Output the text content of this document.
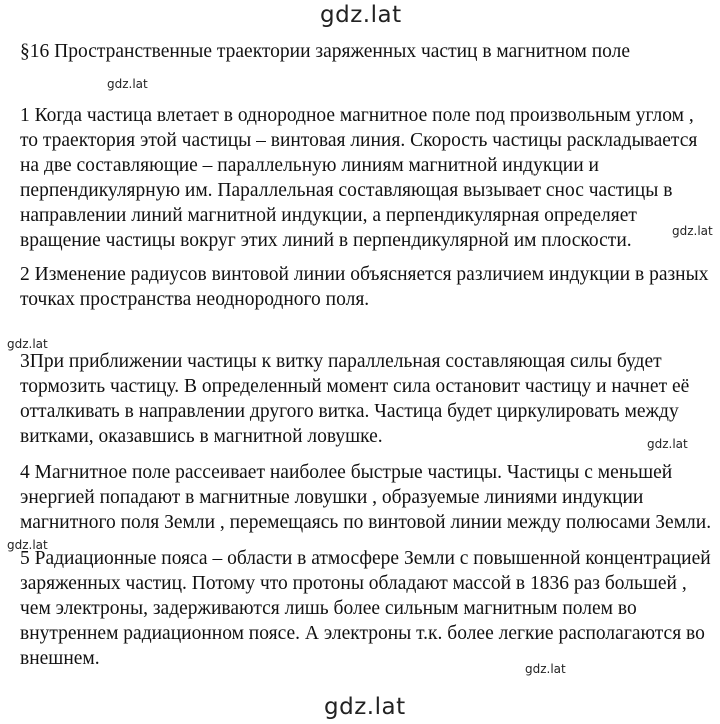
gdz.lat
gdz.lat
gdz.lat
gdz.lat
gdz.lat
gdz.lat
gdz.lat
gdz.lat
§16 Пространственные траектории заряженных частиц в магнитном поле
1 Когда частица влетает в однородное магнитное поле под произвольным углом ,
то траектория этой частицы – винтовая линия. Скорость частицы раскладывается
на две составляющие – параллельную линиям магнитной индукции и
перпендикулярную им. Параллельная составляющая вызывает снос частицы в
направлении линий магнитной индукции, а перпендикулярная определяет
вращение частицы вокруг этих линий в перпендикулярной им плоскости.
2 Изменение радиусов винтовой линии объясняется различием индукции в разных
точках пространства неоднородного поля.
3При приближении частицы к витку параллельная составляющая силы будет
тормозить частицу. В определенный момент сила остановит частицу и начнет её
отталкивать в направлении другого витка. Частица будет циркулировать между
витками, оказавшись в магнитной ловушке.
4 Магнитное поле рассеивает наиболее быстрые частицы. Частицы с меньшей
энергией попадают в магнитные ловушки , образуемые линиями индукции
магнитного поля Земли , перемещаясь по винтовой линии между полюсами Земли.
5 Радиационные пояса – области в атмосфере Земли с повышенной концентрацией
заряженных частиц. Потому что протоны обладают массой в 1836 раз большей ,
чем электроны, задерживаются лишь более сильным магнитным полем во
внутреннем радиационном поясе. А электроны т.к. более легкие располагаются во
внешнем.
